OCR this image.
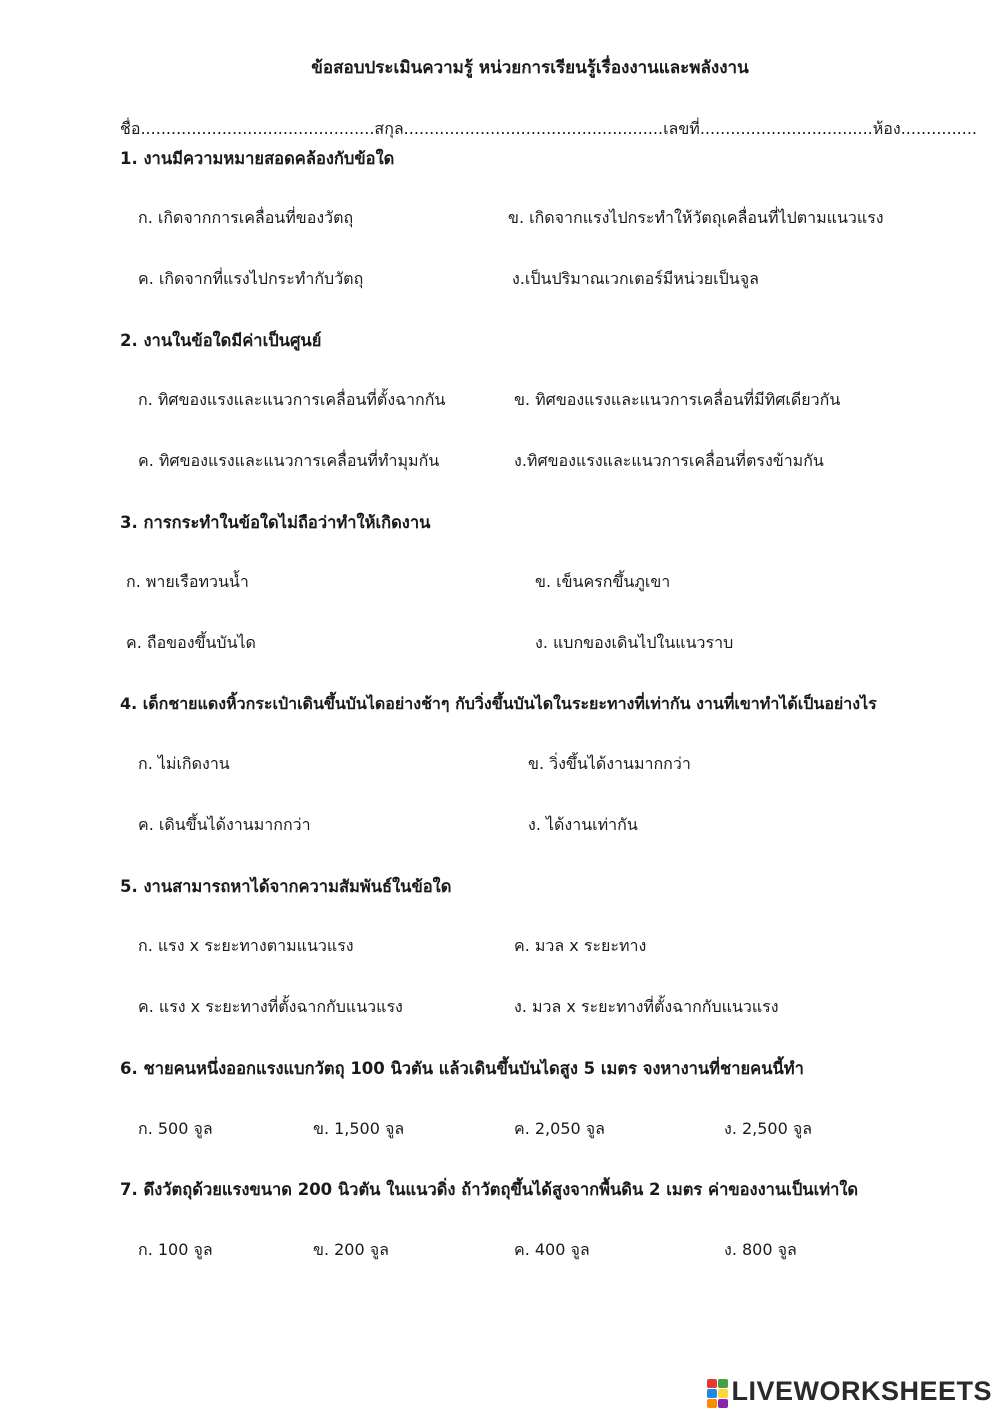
ข้อสอบประเมินความรู้ หน่วยการเรียนรู้เรื่องงานและพลังงาน
ชื่อ..............................................สกุล...................................................เลขที่..................................ห้อง...............
1. งานมีความหมายสอดคล้องกับข้อใด
ก. เกิดจากการเคลื่อนที่ของวัตถุ	ข. เกิดจากแรงไปกระทำให้วัตถุเคลื่อนที่ไปตามแนวแรง
ค. เกิดจากที่แรงไปกระทำกับวัตถุ	ง.เป็นปริมาณเวกเตอร์มีหน่วยเป็นจูล
2. งานในข้อใดมีค่าเป็นศูนย์
ก. ทิศของแรงและแนวการเคลื่อนที่ตั้งฉากกัน	ข. ทิศของแรงและแนวการเคลื่อนที่มีทิศเดียวกัน
ค. ทิศของแรงและแนวการเคลื่อนที่ทำมุมกัน	ง.ทิศของแรงและแนวการเคลื่อนที่ตรงข้ามกัน
3. การกระทำในข้อใดไม่ถือว่าทำให้เกิดงาน
ก. พายเรือทวนน้ำ	ข. เข็นครกขึ้นภูเขา
ค. ถือของขึ้นบันได	ง. แบกของเดินไปในแนวราบ
4. เด็กชายแดงหิ้วกระเป๋าเดินขึ้นบันไดอย่างช้าๆ กับวิ่งขึ้นบันไดในระยะทางที่เท่ากัน งานที่เขาทำได้เป็นอย่างไร
ก. ไม่เกิดงาน	ข. วิ่งขึ้นได้งานมากกว่า
ค. เดินขึ้นได้งานมากกว่า	ง. ได้งานเท่ากัน
5. งานสามารถหาได้จากความสัมพันธ์ในข้อใด
ก. แรง x ระยะทางตามแนวแรง	ค. มวล x ระยะทาง
ค. แรง x ระยะทางที่ตั้งฉากกับแนวแรง	ง. มวล x ระยะทางที่ตั้งฉากกับแนวแรง
6. ชายคนหนึ่งออกแรงแบกวัตถุ 100 นิวตัน แล้วเดินขึ้นบันไดสูง 5 เมตร จงหางานที่ชายคนนี้ทำ
ก. 500 จูล	ข. 1,500 จูล	ค. 2,050 จูล	ง. 2,500 จูล
7. ดึงวัตถุด้วยแรงขนาด 200 นิวตัน ในแนวดิ่ง ถ้าวัตถุขึ้นได้สูงจากพื้นดิน 2 เมตร ค่าของงานเป็นเท่าใด
ก. 100 จูล	ข. 200 จูล	ค. 400 จูล	ง. 800 จูล
LIVEWORKSHEETS
